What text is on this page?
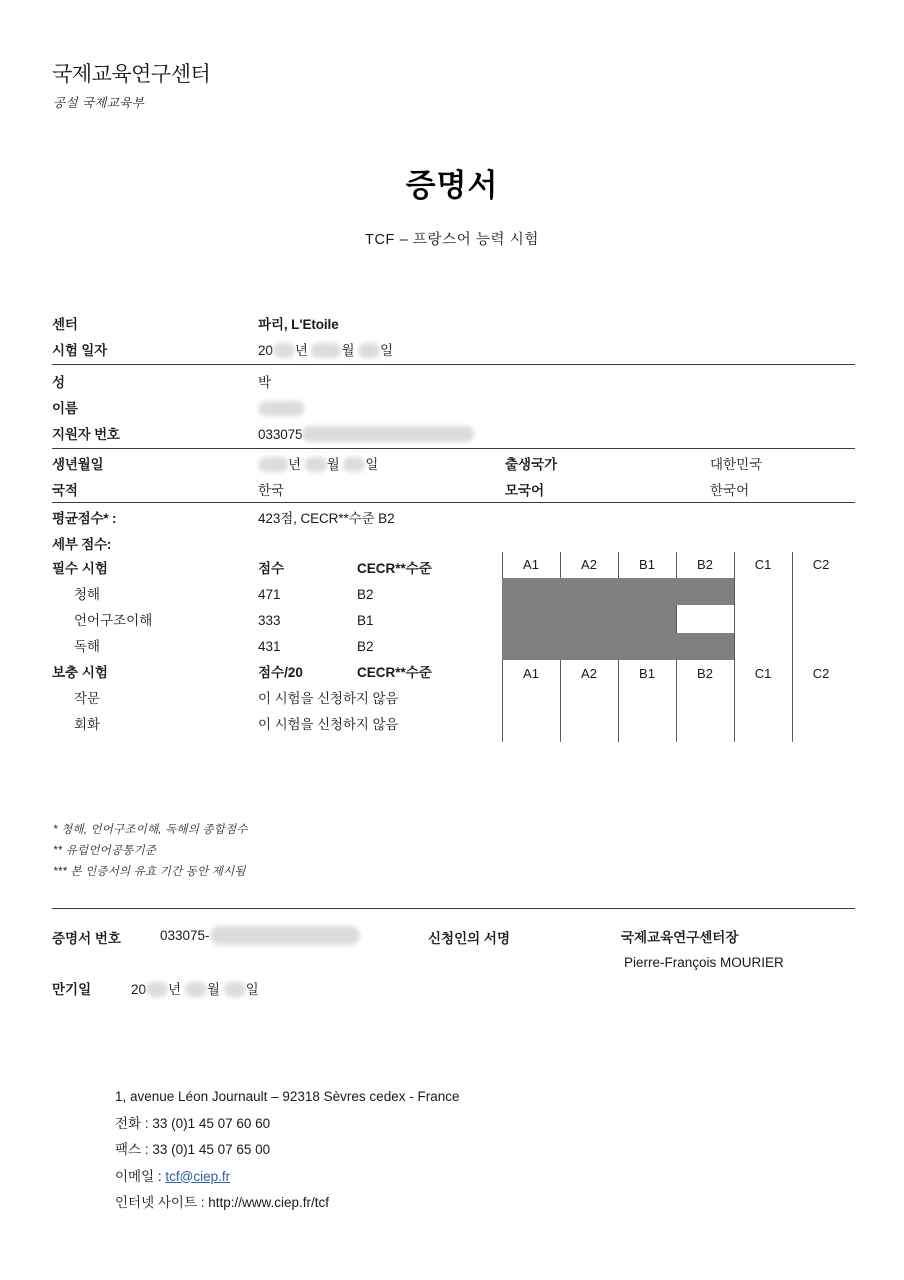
국제교육연구센터
공설 국제교육부
증명서
TCF – 프랑스어 능력 시험
센터	파리, L'Etoile
시험 일자	20 년 월 일
성	박
이름
지원자 번호	033075
생년월일	년 월 일	출생국가	대한민국
국적	한국	모국어	한국어
평균점수* :	423점, CECR**수준 B2
세부 점수:
필수 시험	점수	CECR**수준
청해	471	B2
언어구조이해	333	B1
독해	431	B2
보충 시험	점수/20	CECR**수준
작문	이 시험을 신청하지 않음
회화	이 시험을 신청하지 않음
A1	A2	B1	B2	C1	C2
A1	A2	B1	B2	C1	C2
* 청해, 언어구조이해, 독해의 종합점수
** 유럽언어공통기준
*** 본 인증서의 유효 기간 동안 제시됨
증명서 번호	033075-	신청인의 서명	국제교육연구센터장
Pierre-François MOURIER
만기일	20 년 월 일
1, avenue Léon Journault – 92318 Sèvres cedex - France
전화 : 33 (0)1 45 07 60 60
팩스 : 33 (0)1 45 07 65 00
이메일 : tcf@ciep.fr
인터넷 사이트 : http://www.ciep.fr/tcf
